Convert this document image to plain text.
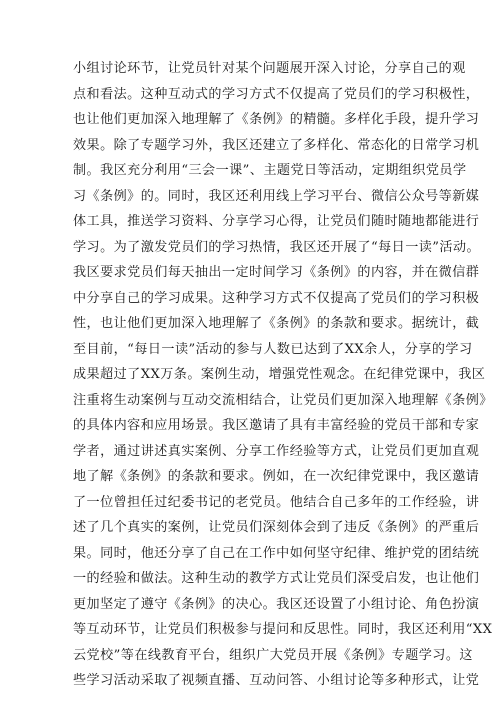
小组讨论环节，让党员针对某个问题展开深入讨论，分享自己的观
点和看法。这种互动式的学习方式不仅提高了党员们的学习积极性，
也让他们更加深入地理解了《条例》的精髓。多样化手段，提升学习
效果。除了专题学习外，我区还建立了多样化、常态化的日常学习机
制。我区充分利用“三会一课”、主题党日等活动，定期组织党员学
习《条例》的。同时，我区还利用线上学习平台、微信公众号等新媒
体工具，推送学习资料、分享学习心得，让党员们随时随地都能进行
学习。为了激发党员们的学习热情，我区还开展了“每日一读”活动。
我区要求党员们每天抽出一定时间学习《条例》的内容，并在微信群
中分享自己的学习成果。这种学习方式不仅提高了党员们的学习积极
性，也让他们更加深入地理解了《条例》的条款和要求。据统计，截
至目前，“每日一读”活动的参与人数已达到了XX余人，分享的学习
成果超过了XX万条。案例生动，增强党性观念。在纪律党课中，我区
注重将生动案例与互动交流相结合，让党员们更加深入地理解《条例》
的具体内容和应用场景。我区邀请了具有丰富经验的党员干部和专家
学者，通过讲述真实案例、分享工作经验等方式，让党员们更加直观
地了解《条例》的条款和要求。例如，在一次纪律党课中，我区邀请
了一位曾担任过纪委书记的老党员。他结合自己多年的工作经验，讲
述了几个真实的案例，让党员们深刻体会到了违反《条例》的严重后
果。同时，他还分享了自己在工作中如何坚守纪律、维护党的团结统
一的经验和做法。这种生动的教学方式让党员们深受启发，也让他们
更加坚定了遵守《条例》的决心。我区还设置了小组讨论、角色扮演
等互动环节，让党员们积极参与提问和反思性。同时，我区还利用“XX
云党校”等在线教育平台，组织广大党员开展《条例》专题学习。这
些学习活动采取了视频直播、互动问答、小组讨论等多种形式，让党
